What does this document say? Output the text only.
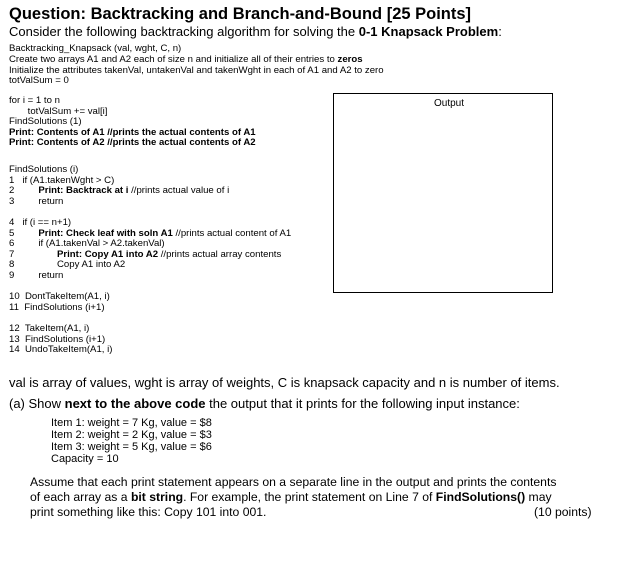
Question: Backtracking and Branch-and-Bound [25 Points]
Consider the following backtracking algorithm for solving the 0-1 Knapsack Problem:
Backtracking_Knapsack (val, wght, C, n)
Create two arrays A1 and A2 each of size n and initialize all of their entries to zeros
Initialize the attributes takenVal, untakenVal and takenWght in each of A1 and A2 to zero
totValSum = 0
for i = 1 to n
totValSum += val[i]
FindSolutions (1)
Print: Contents of A1 //prints the actual contents of A1
Print: Contents of A2 //prints the actual contents of A2
FindSolutions (i)
1   if (A1.takenWght > C)
2         Print: Backtrack at i //prints actual value of i
3         return
4   if (i == n+1)
5         Print: Check leaf with soln A1 //prints actual content of A1
6         if (A1.takenVal > A2.takenVal)
7                Print: Copy A1 into A2 //prints actual array contents
8                Copy A1 into A2
9         return
10  DontTakeItem(A1, i)
11  FindSolutions (i+1)
12  TakeItem(A1, i)
13  FindSolutions (i+1)
14  UndoTakeItem(A1, i)
Output
val is array of values, wght is array of weights, C is knapsack capacity and n is number of items.
(a) Show next to the above code the output that it prints for the following input instance:
Item 1: weight = 7 Kg, value = $8
Item 2: weight = 2 Kg, value = $3
Item 3: weight = 5 Kg, value = $6
Capacity = 10
Assume that each print statement appears on a separate line in the output and prints the contents
of each array as a bit string. For example, the print statement on Line 7 of FindSolutions() may
print something like this: Copy 101 into 001.	(10 points)
